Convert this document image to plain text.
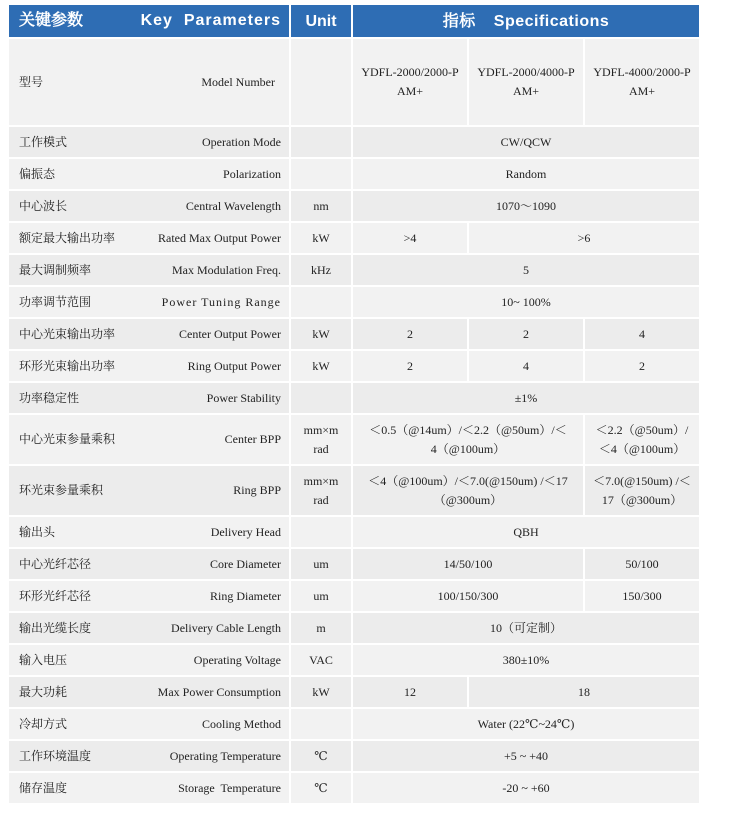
关键参数	Key  Parameters	Unit	指标 Specifications

型号	Model Number
		YDFL-2000/2000-PAM+	YDFL-2000/4000-PAM+	YDFL-4000/2000-PAM+

工作模式	Operation Mode
			CW/QCW

偏振态	Polarization
			Random

中心波长	Central Wavelength
		nm	1070～1090

额定最大输出功率	Rated Max Output Power
		kW	>4	>6

最大调制频率	Max Modulation Freq.
		kHz	5

功率调节范围	Power Tuning Range
			10~ 100%

中心光束输出功率	Center Output Power
		kW	2	2	4

环形光束输出功率	Ring Output Power
		kW	2	4	2

功率稳定性	Power Stability
			±1%

中心光束参量乘积	Center BPP
	mm×m rad	＜0.5（@14um）/＜2.2（@50um）/＜4（@100um）	＜2.2（@50um）/＜4（@100um）

环光束参量乘积	Ring BPP
	mm×m rad	＜4（@100um）/＜7.0(@150um) /＜17（@300um）	＜7.0(@150um) /＜17（@300um）

输出头	Delivery Head
			QBH

中心光纤芯径	Core Diameter
		um	14/50/100	50/100

环形光纤芯径	Ring Diameter
		um	100/150/300	150/300

输出光缆长度	Delivery Cable Length
		m	10（可定制）

输入电压	Operating Voltage
	VAC	380±10%

最大功耗	Max Power Consumption
		kW	12	18

冷却方式	Cooling Method
			Water (22℃~24℃)

工作环境温度	Operating Temperature
		℃	+5 ~ +40

储存温度	Storage  Temperature
		℃	-20 ~ +60
